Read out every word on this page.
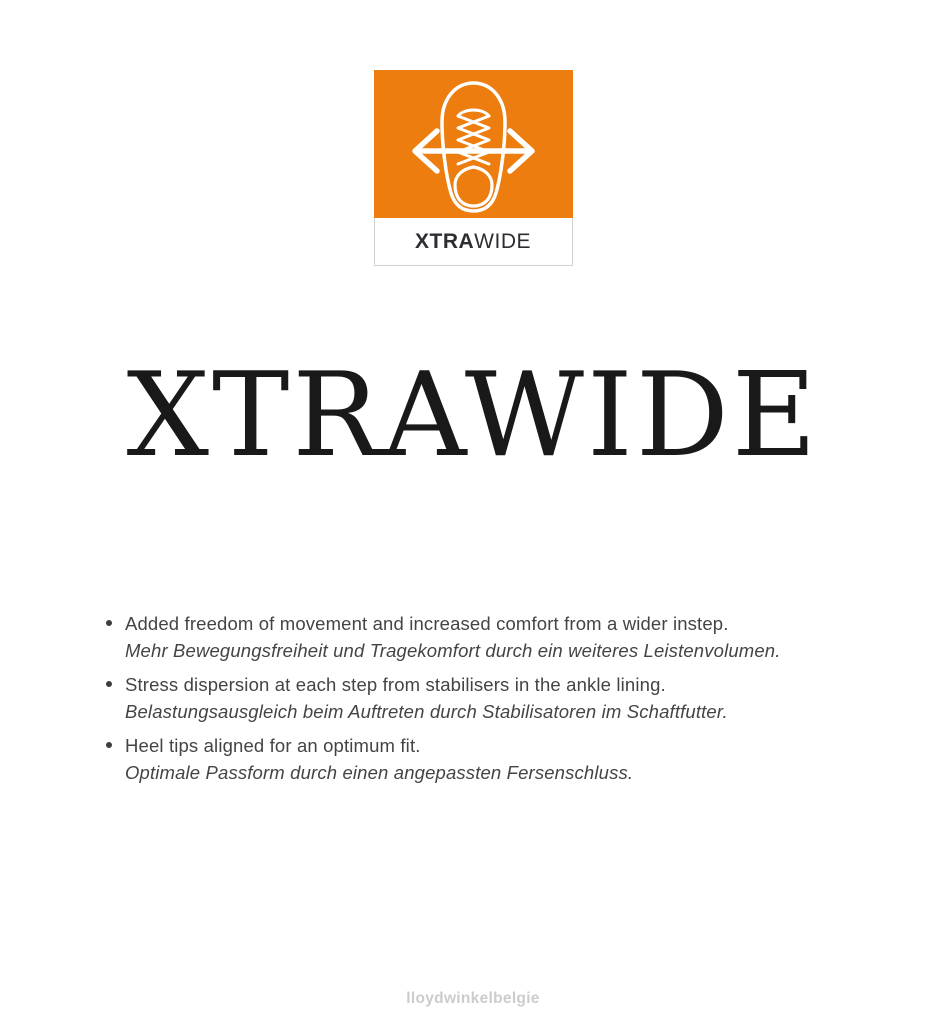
XTRA WIDE
XTRAWIDE
Added freedom of movement and increased comfort from a wider instep.
Mehr Bewegungsfreiheit und Tragekomfort durch ein weiteres Leistenvolumen.
Stress dispersion at each step from stabilisers in the ankle lining.
Belastungsausgleich beim Auftreten durch Stabilisatoren im Schaftfutter.
Heel tips aligned for an optimum fit.
Optimale Passform durch einen angepassten Fersenschluss.
lloydwinkelbelgie
